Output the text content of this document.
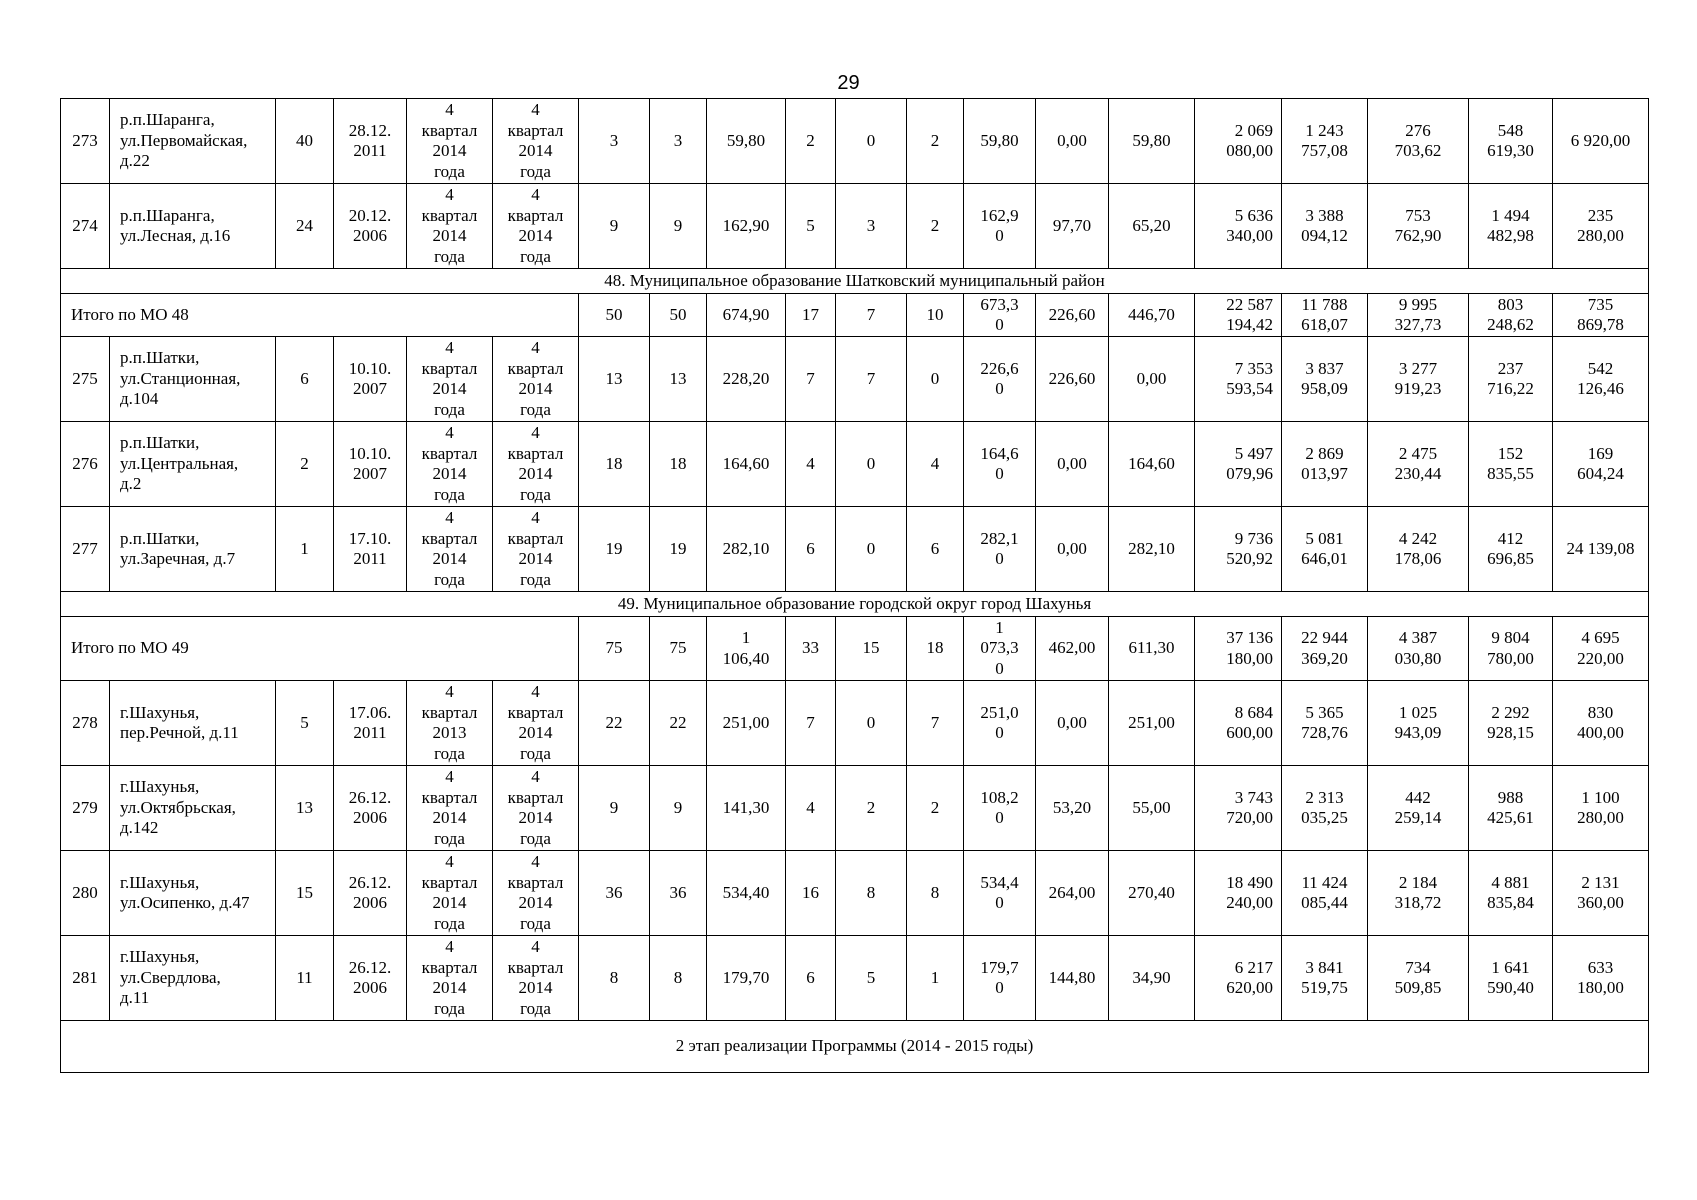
29
273	р.п.Шаранга,
ул.Первомайская,
д.22	40	28.12.
2011	4
квартал
2014
года	4
квартал
2014
года	3	3	59,80	2	0	2	59,80	0,00	59,80	2 069
080,00	1 243
757,08	276
703,62	548
619,30	6 920,00
274	р.п.Шаранга,
ул.Лесная, д.16	24	20.12.
2006	4
квартал
2014
года	4
квартал
2014
года	9	9	162,90	5	3	2	162,9
0	97,70	65,20	5 636
340,00	3 388
094,12	753
762,90	1 494
482,98	235
280,00
48. Муниципальное образование Шатковский муниципальный район																			
Итого по МО 48						50	50	674,90	17	7	10	673,3
0	226,60	446,70	22 587
194,42	11 788
618,07	9 995
327,73	803
248,62	735
869,78
275	р.п.Шатки,
ул.Станционная,
д.104	6	10.10.
2007	4
квартал
2014
года	4
квартал
2014
года	13	13	228,20	7	7	0	226,6
0	226,60	0,00	7 353
593,54	3 837
958,09	3 277
919,23	237
716,22	542
126,46
276	р.п.Шатки,
ул.Центральная,
д.2	2	10.10.
2007	4
квартал
2014
года	4
квартал
2014
года	18	18	164,60	4	0	4	164,6
0	0,00	164,60	5 497
079,96	2 869
013,97	2 475
230,44	152
835,55	169
604,24
277	р.п.Шатки,
ул.Заречная, д.7	1	17.10.
2011	4
квартал
2014
года	4
квартал
2014
года	19	19	282,10	6	0	6	282,1
0	0,00	282,10	9 736
520,92	5 081
646,01	4 242
178,06	412
696,85	24 139,08
49. Муниципальное образование городской округ город Шахунья																			
Итого по МО 49						75	75	1
106,40	33	15	18	1
073,3
0	462,00	611,30	37 136
180,00	22 944
369,20	4 387
030,80	9 804
780,00	4 695
220,00
278	г.Шахунья,
пер.Речной, д.11	5	17.06.
2011	4
квартал
2013
года	4
квартал
2014
года	22	22	251,00	7	0	7	251,0
0	0,00	251,00	8 684
600,00	5 365
728,76	1 025
943,09	2 292
928,15	830
400,00
279	г.Шахунья,
ул.Октябрьская,
д.142	13	26.12.
2006	4
квартал
2014
года	4
квартал
2014
года	9	9	141,30	4	2	2	108,2
0	53,20	55,00	3 743
720,00	2 313
035,25	442
259,14	988
425,61	1 100
280,00
280	г.Шахунья,
ул.Осипенко, д.47	15	26.12.
2006	4
квартал
2014
года	4
квартал
2014
года	36	36	534,40	16	8	8	534,4
0	264,00	270,40	18 490
240,00	11 424
085,44	2 184
318,72	4 881
835,84	2 131
360,00
281	г.Шахунья,
ул.Свердлова,
д.11	11	26.12.
2006	4
квартал
2014
года	4
квартал
2014
года	8	8	179,70	6	5	1	179,7
0	144,80	34,90	6 217
620,00	3 841
519,75	734
509,85	1 641
590,40	633
180,00
2 этап реализации Программы (2014 - 2015 годы)																			
